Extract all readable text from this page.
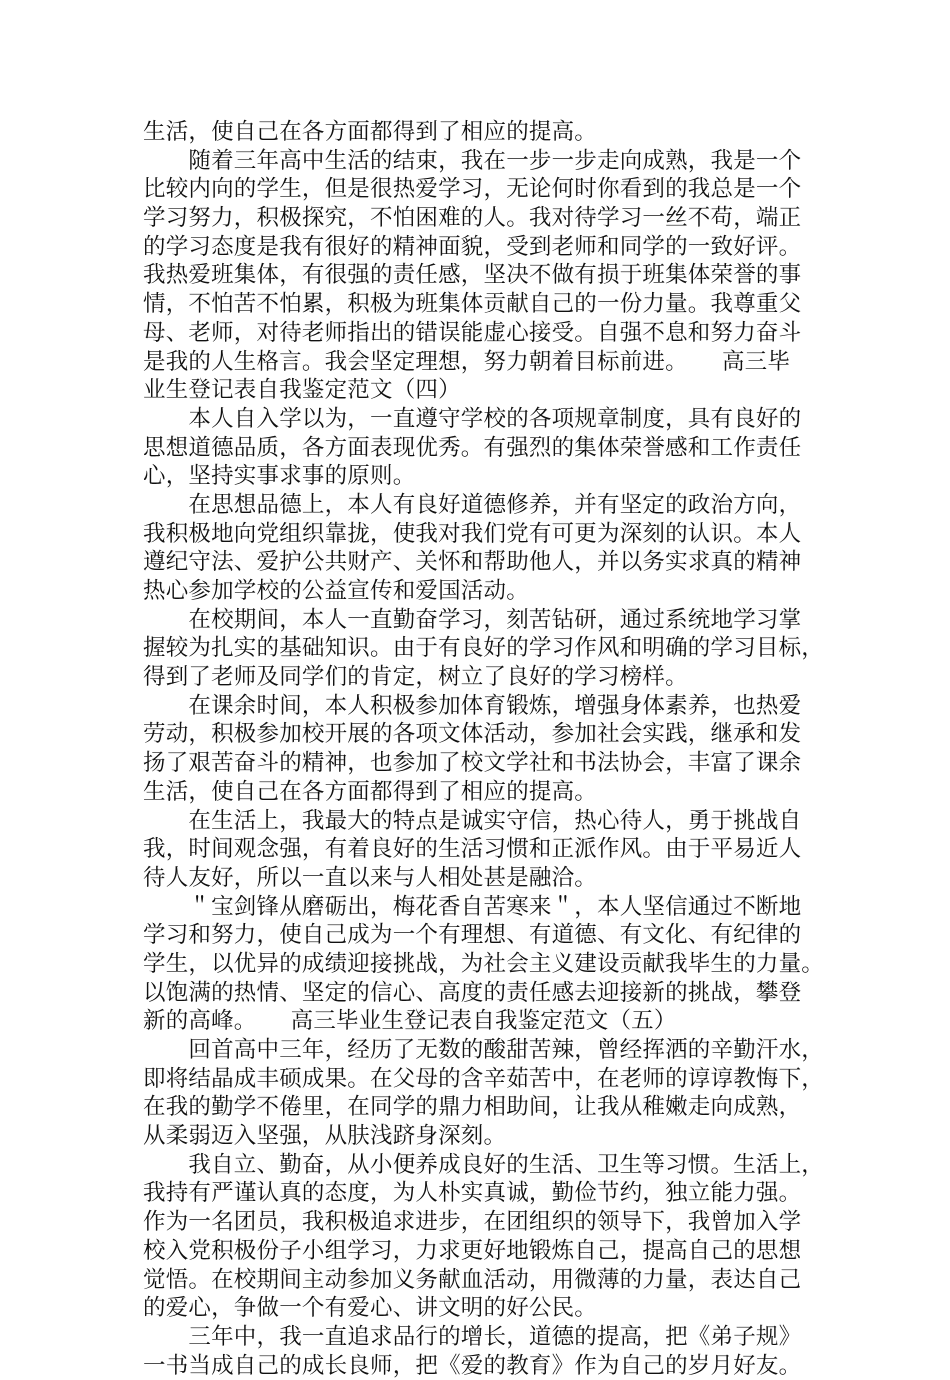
生活，使自己在各方面都得到了相应的提高。
　　随着三年高中生活的结束，我在一步一步走向成熟，我是一个
比较内向的学生，但是很热爱学习，无论何时你看到的我总是一个
学习努力，积极探究，不怕困难的人。我对待学习一丝不苟，端正
的学习态度是我有很好的精神面貌，受到老师和同学的一致好评。
我热爱班集体，有很强的责任感，坚决不做有损于班集体荣誉的事
情，不怕苦不怕累，积极为班集体贡献自己的一份力量。我尊重父
母、老师，对待老师指出的错误能虚心接受。自强不息和努力奋斗
是我的人生格言。我会坚定理想，努力朝着目标前进。　　高三毕
业生登记表自我鉴定范文（四）
　　本人自入学以为，一直遵守学校的各项规章制度，具有良好的
思想道德品质，各方面表现优秀。有强烈的集体荣誉感和工作责任
心，坚持实事求事的原则。
　　在思想品德上，本人有良好道德修养，并有坚定的政治方向，
我积极地向党组织靠拢，使我对我们党有可更为深刻的认识。本人
遵纪守法、爱护公共财产、关怀和帮助他人，并以务实求真的精神
热心参加学校的公益宣传和爱国活动。
　　在校期间，本人一直勤奋学习，刻苦钻研，通过系统地学习掌
握较为扎实的基础知识。由于有良好的学习作风和明确的学习目标，
得到了老师及同学们的肯定，树立了良好的学习榜样。
　　在课余时间，本人积极参加体育锻炼，增强身体素养，也热爱
劳动，积极参加校开展的各项文体活动，参加社会实践，继承和发
扬了艰苦奋斗的精神，也参加了校文学社和书法协会，丰富了课余
生活，使自己在各方面都得到了相应的提高。
　　在生活上，我最大的特点是诚实守信，热心待人，勇于挑战自
我，时间观念强，有着良好的生活习惯和正派作风。由于平易近人
待人友好，所以一直以来与人相处甚是融洽。
　　＂宝剑锋从磨砺出，梅花香自苦寒来＂，本人坚信通过不断地
学习和努力，使自己成为一个有理想、有道德、有文化、有纪律的
学生，以优异的成绩迎接挑战，为社会主义建设贡献我毕生的力量。
以饱满的热情、坚定的信心、高度的责任感去迎接新的挑战，攀登
新的高峰。　　高三毕业生登记表自我鉴定范文（五）
　　回首高中三年，经历了无数的酸甜苦辣，曾经挥洒的辛勤汗水，
即将结晶成丰硕成果。在父母的含辛茹苦中，在老师的谆谆教悔下，
在我的勤学不倦里，在同学的鼎力相助间，让我从稚嫩走向成熟，
从柔弱迈入坚强，从肤浅跻身深刻。
　　我自立、勤奋，从小便养成良好的生活、卫生等习惯。生活上，
我持有严谨认真的态度，为人朴实真诚，勤俭节约，独立能力强。
作为一名团员，我积极追求进步，在团组织的领导下，我曾加入学
校入党积极份子小组学习，力求更好地锻炼自己，提高自己的思想
觉悟。在校期间主动参加义务献血活动，用微薄的力量，表达自己
的爱心，争做一个有爱心、讲文明的好公民。
　　三年中，我一直追求品行的增长，道德的提高，把《弟子规》
一书当成自己的成长良师，把《爱的教育》作为自己的岁月好友。
